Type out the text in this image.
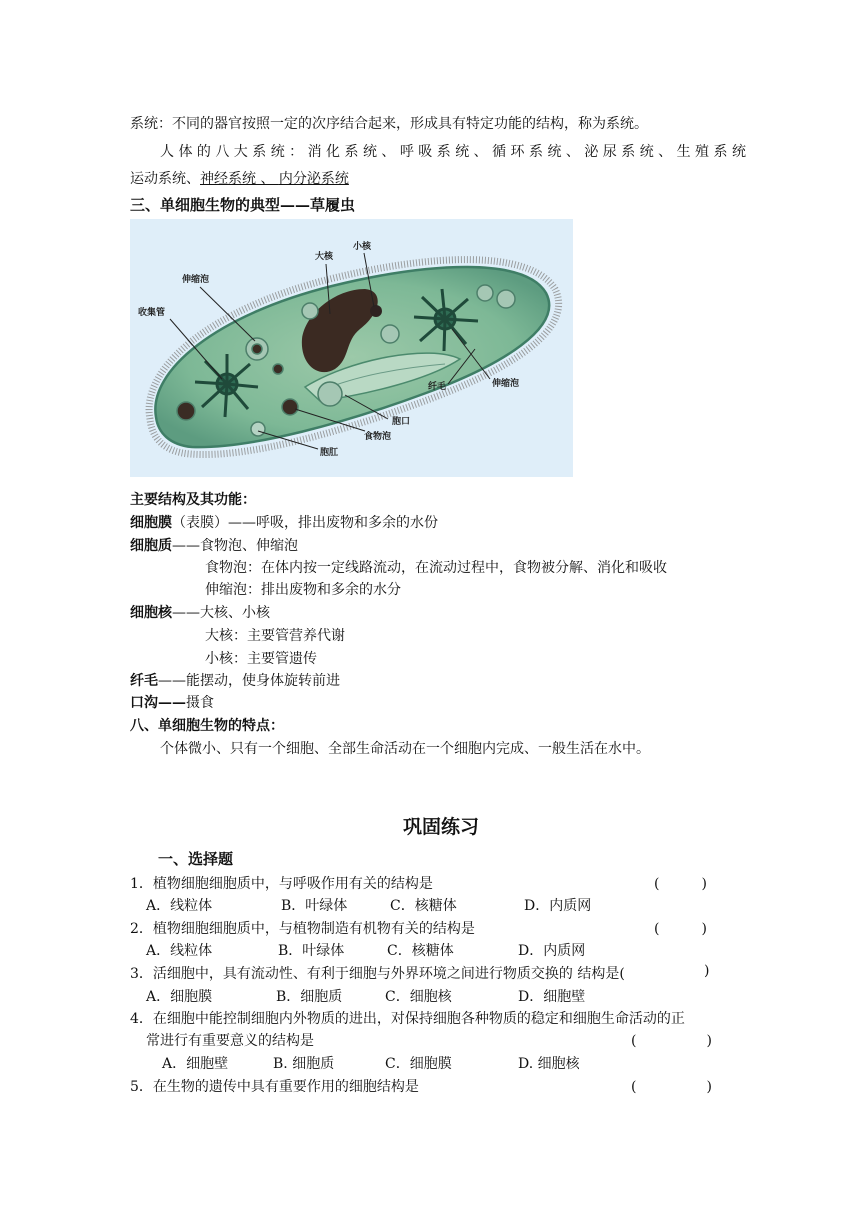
系统：不同的器官按照一定的次序结合起来，形成具有特定功能的结构，称为系统。
人 体 的 八 大 系 统 ： 消 化 系 统 、 呼 吸 系 统 、 循 环 系 统 、 泌 尿 系 统 、 生 殖 系 统
运动系统、神经系统 、 内分泌系统
三、单细胞生物的典型——草履虫
大核
小核
伸缩泡
收集管
纤毛	伸缩泡
胞口
食物泡
胞肛
主要结构及其功能：
细胞膜（表膜）——呼吸，排出废物和多余的水份
细胞质——食物泡、伸缩泡
食物泡：在体内按一定线路流动，在流动过程中，食物被分解、消化和吸收
伸缩泡：排出废物和多余的水分
细胞核——大核、小核
大核：主要管营养代谢
小核：主要管遗传
纤毛——能摆动，使身体旋转前进
口沟——摄食
八、单细胞生物的特点：
个体微小、只有一个细胞、全部生命活动在一个细胞内完成、一般生活在水中。
巩固练习
一、选择题
1．植物细胞细胞质中，与呼吸作用有关的结构是	(　　　)
A．线粒体	B．叶绿体	C．核糖体	D．内质网
2．植物细胞细胞质中，与植物制造有机物有关的结构是	(　　　)
A．线粒体	B．叶绿体	C．核糖体	D．内质网
3．活细胞中，具有流动性、有利于细胞与外界环境之间进行物质交换的 结构是(	)
A．细胞膜	B．细胞质	C．细胞核	D．细胞壁
4．在细胞中能控制细胞内外物质的进出，对保持细胞各种物质的稳定和细胞生命活动的正
常进行有重要意义的结构是	(　　　　　)
A．细胞壁	B. 细胞质	C．细胞膜	D. 细胞核
5．在生物的遗传中具有重要作用的细胞结构是	(　　　　　)
